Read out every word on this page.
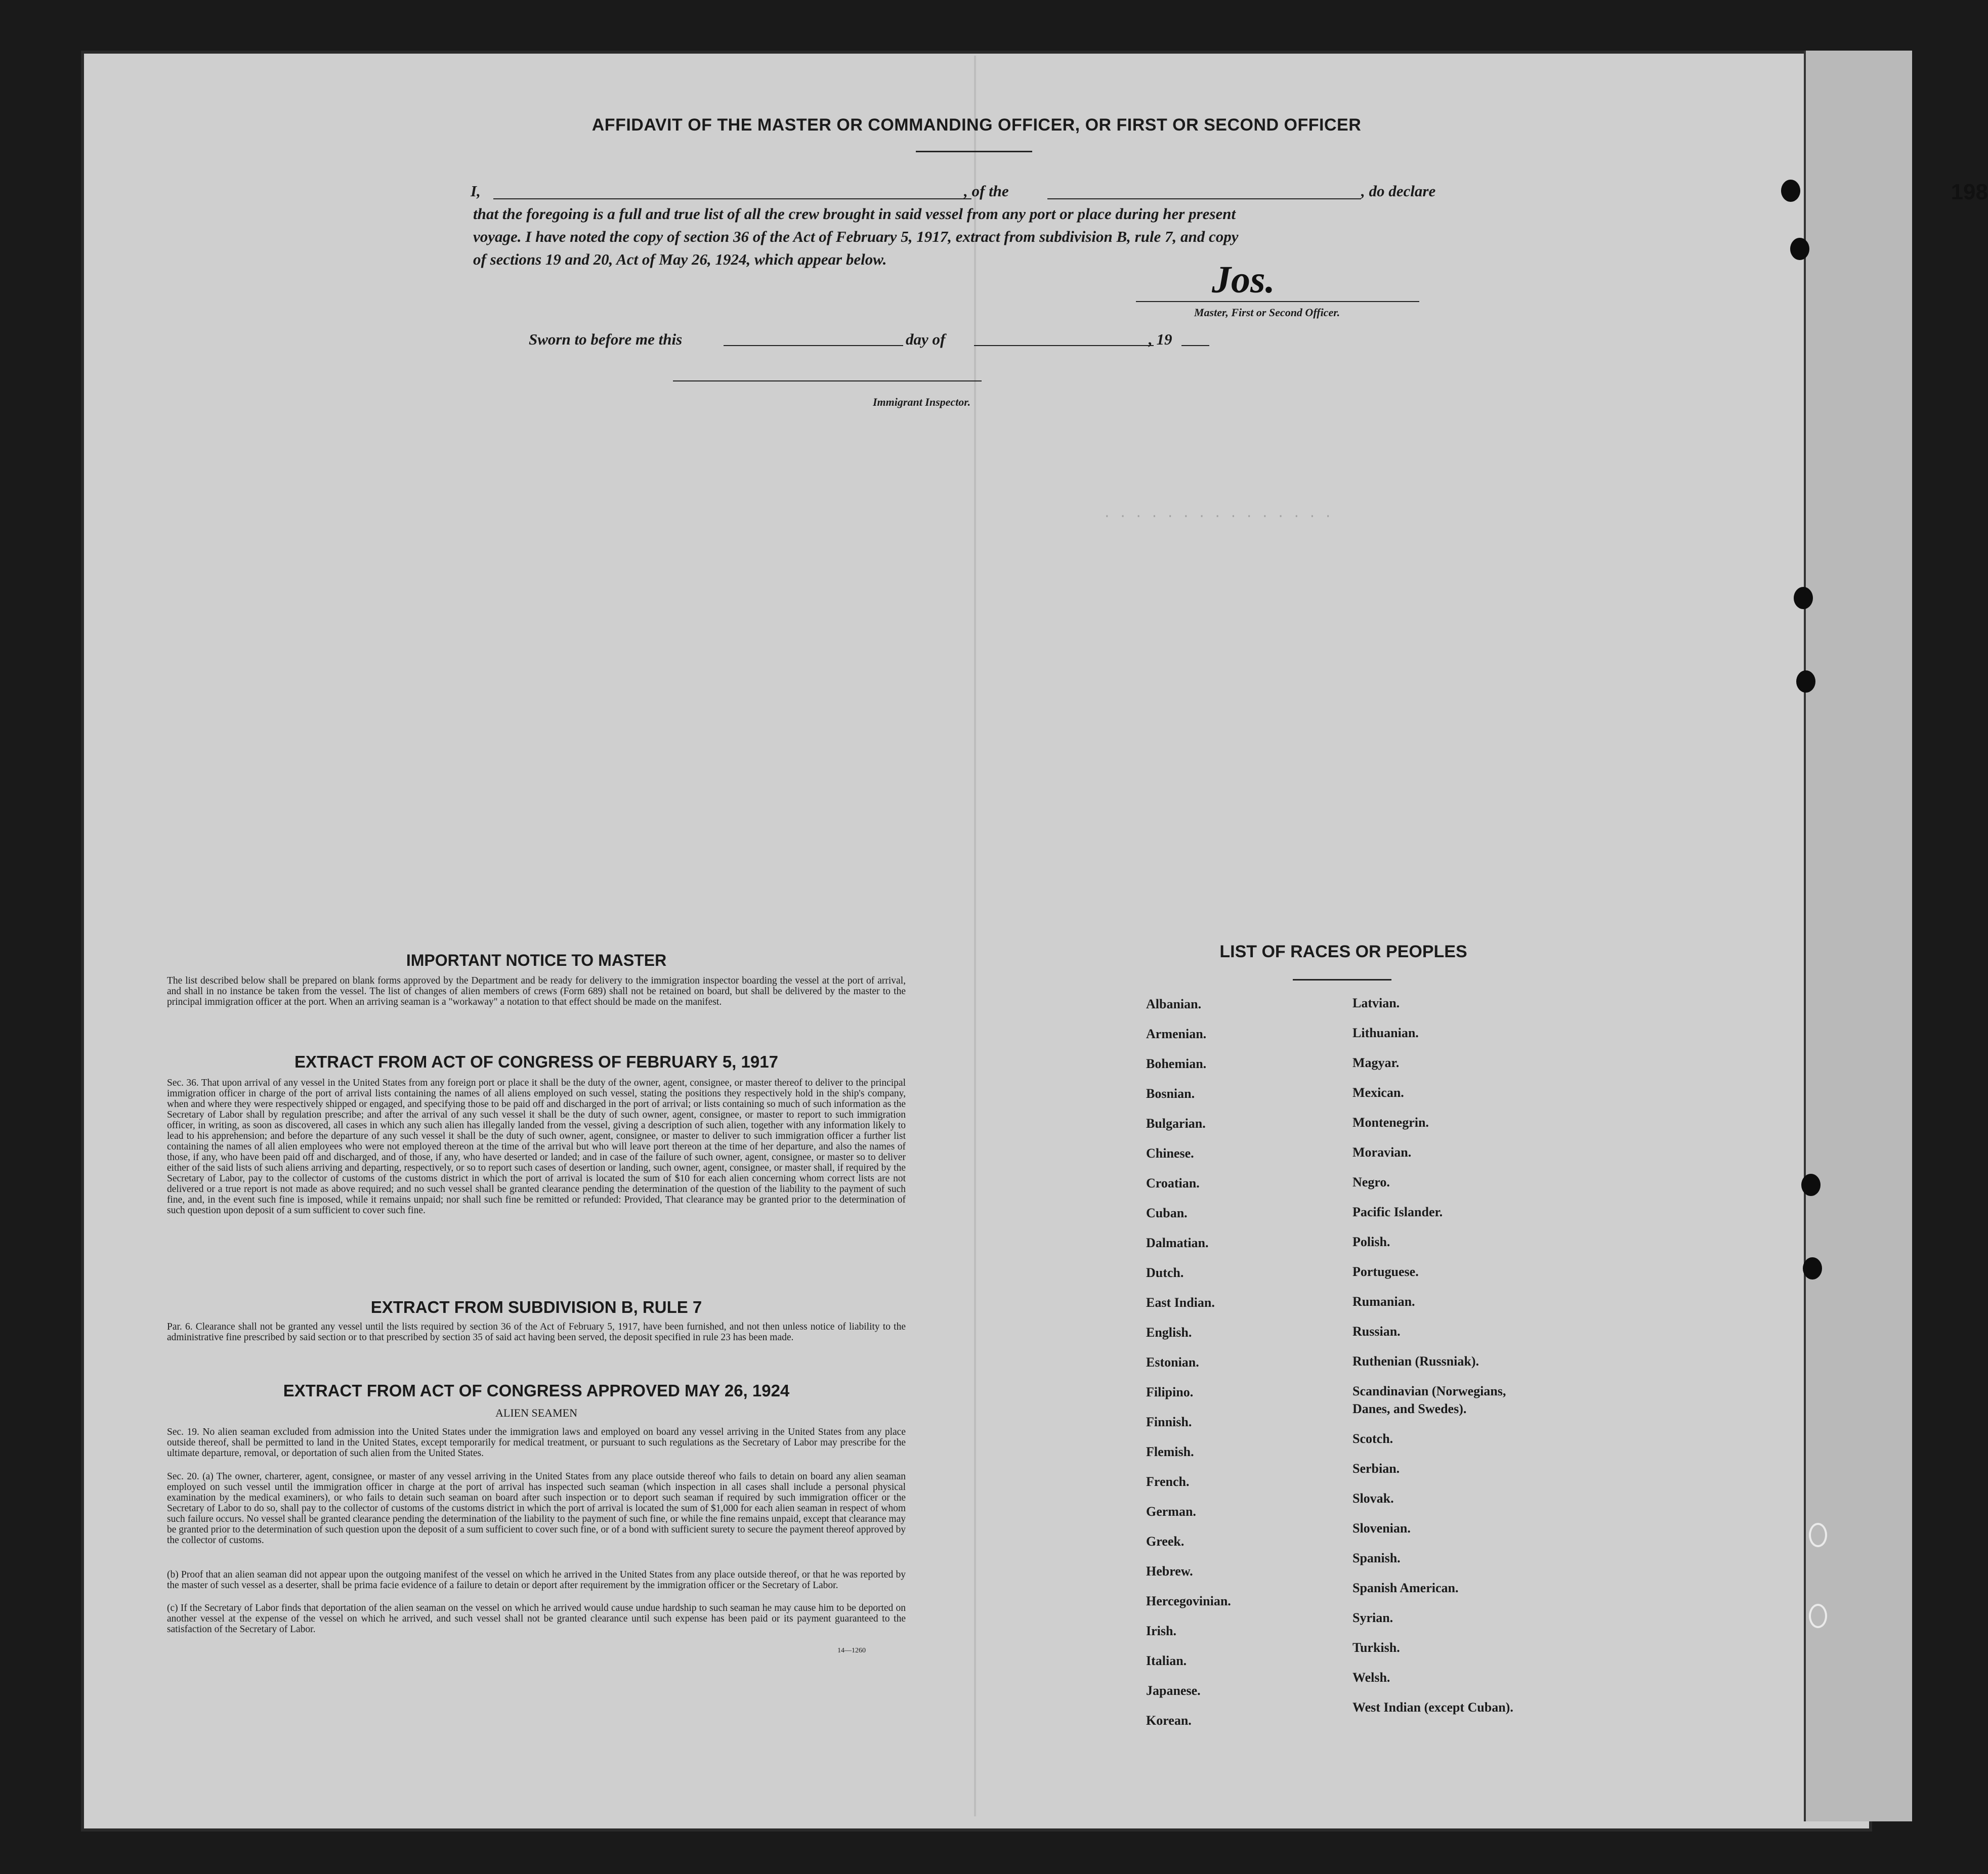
198
. . . . . . . . . . . . . . .
AFFIDAVIT OF THE MASTER OR COMMANDING OFFICER, OR FIRST OR SECOND OFFICER
I,	, of the	, do declare
that the foregoing is a full and true list of all the crew brought in said vessel from any port or place during her present
voyage. I have noted the copy of section 36 of the Act of February 5, 1917, extract from subdivision B, rule 7, and copy
of sections 19 and 20, Act of May 26, 1924, which appear below.	Jos.
Master, First or Second Officer.
Sworn to before me this	day of	, 19
Immigrant Inspector.
IMPORTANT NOTICE TO MASTER
The list described below shall be prepared on blank forms approved by the Department and be ready for delivery to the immigration inspector boarding the vessel at the port of arrival, and shall in no instance be taken from the vessel. The list of changes of alien members of crews (Form 689) shall not be retained on board, but shall be delivered by the master to the principal immigration officer at the port. When an arriving seaman is a "workaway" a notation to that effect should be made on the manifest.
EXTRACT FROM ACT OF CONGRESS OF FEBRUARY 5, 1917
Sec. 36. That upon arrival of any vessel in the United States from any foreign port or place it shall be the duty of the owner, agent, consignee, or master thereof to deliver to the principal immigration officer in charge of the port of arrival lists containing the names of all aliens employed on such vessel, stating the positions they respectively hold in the ship's company, when and where they were respectively shipped or engaged, and specifying those to be paid off and discharged in the port of arrival; or lists containing so much of such information as the Secretary of Labor shall by regulation prescribe; and after the arrival of any such vessel it shall be the duty of such owner, agent, consignee, or master to report to such immigration officer, in writing, as soon as discovered, all cases in which any such alien has illegally landed from the vessel, giving a description of such alien, together with any information likely to lead to his apprehension; and before the departure of any such vessel it shall be the duty of such owner, agent, consignee, or master to deliver to such immigration officer a further list containing the names of all alien employees who were not employed thereon at the time of the arrival but who will leave port thereon at the time of her departure, and also the names of those, if any, who have been paid off and discharged, and of those, if any, who have deserted or landed; and in case of the failure of such owner, agent, consignee, or master so to deliver either of the said lists of such aliens arriving and departing, respectively, or so to report such cases of desertion or landing, such owner, agent, consignee, or master shall, if required by the Secretary of Labor, pay to the collector of customs of the customs district in which the port of arrival is located the sum of $10 for each alien concerning whom correct lists are not delivered or a true report is not made as above required; and no such vessel shall be granted clearance pending the determination of the question of the liability to the payment of such fine, and, in the event such fine is imposed, while it remains unpaid; nor shall such fine be remitted or refunded: Provided, That clearance may be granted prior to the determination of such question upon deposit of a sum sufficient to cover such fine.
EXTRACT FROM SUBDIVISION B, RULE 7
Par. 6. Clearance shall not be granted any vessel until the lists required by section 36 of the Act of February 5, 1917, have been furnished, and not then unless notice of liability to the administrative fine prescribed by said section or to that prescribed by section 35 of said act having been served, the deposit specified in rule 23 has been made.
EXTRACT FROM ACT OF CONGRESS APPROVED MAY 26, 1924
ALIEN SEAMEN
Sec. 19. No alien seaman excluded from admission into the United States under the immigration laws and employed on board any vessel arriving in the United States from any place outside thereof, shall be permitted to land in the United States, except temporarily for medical treatment, or pursuant to such regulations as the Secretary of Labor may prescribe for the ultimate departure, removal, or deportation of such alien from the United States.
Sec. 20. (a) The owner, charterer, agent, consignee, or master of any vessel arriving in the United States from any place outside thereof who fails to detain on board any alien seaman employed on such vessel until the immigration officer in charge at the port of arrival has inspected such seaman (which inspection in all cases shall include a personal physical examination by the medical examiners), or who fails to detain such seaman on board after such inspection or to deport such seaman if required by such immigration officer or the Secretary of Labor to do so, shall pay to the collector of customs of the customs district in which the port of arrival is located the sum of $1,000 for each alien seaman in respect of whom such failure occurs. No vessel shall be granted clearance pending the determination of the liability to the payment of such fine, or while the fine remains unpaid, except that clearance may be granted prior to the determination of such question upon the deposit of a sum sufficient to cover such fine, or of a bond with sufficient surety to secure the payment thereof approved by the collector of customs.
(b) Proof that an alien seaman did not appear upon the outgoing manifest of the vessel on which he arrived in the United States from any place outside thereof, or that he was reported by the master of such vessel as a deserter, shall be prima facie evidence of a failure to detain or deport after requirement by the immigration officer or the Secretary of Labor.
(c) If the Secretary of Labor finds that deportation of the alien seaman on the vessel on which he arrived would cause undue hardship to such seaman he may cause him to be deported on another vessel at the expense of the vessel on which he arrived, and such vessel shall not be granted clearance until such expense has been paid or its payment guaranteed to the satisfaction of the Secretary of Labor.
14—1260
LIST OF RACES OR PEOPLES
Albanian.
Armenian.
Bohemian.
Bosnian.
Bulgarian.
Chinese.
Croatian.
Cuban.
Dalmatian.
Dutch.
East Indian.
English.
Estonian.
Filipino.
Finnish.
Flemish.
French.
German.
Greek.
Hebrew.
Hercegovinian.
Irish.
Italian.
Japanese.
Korean.
Latvian.
Lithuanian.
Magyar.
Mexican.
Montenegrin.
Moravian.
Negro.
Pacific Islander.
Polish.
Portuguese.
Rumanian.
Russian.
Ruthenian (Russniak).
Scandinavian (Norwegians,
Danes, and Swedes).
Scotch.
Serbian.
Slovak.
Slovenian.
Spanish.
Spanish American.
Syrian.
Turkish.
Welsh.
West Indian (except Cuban).
